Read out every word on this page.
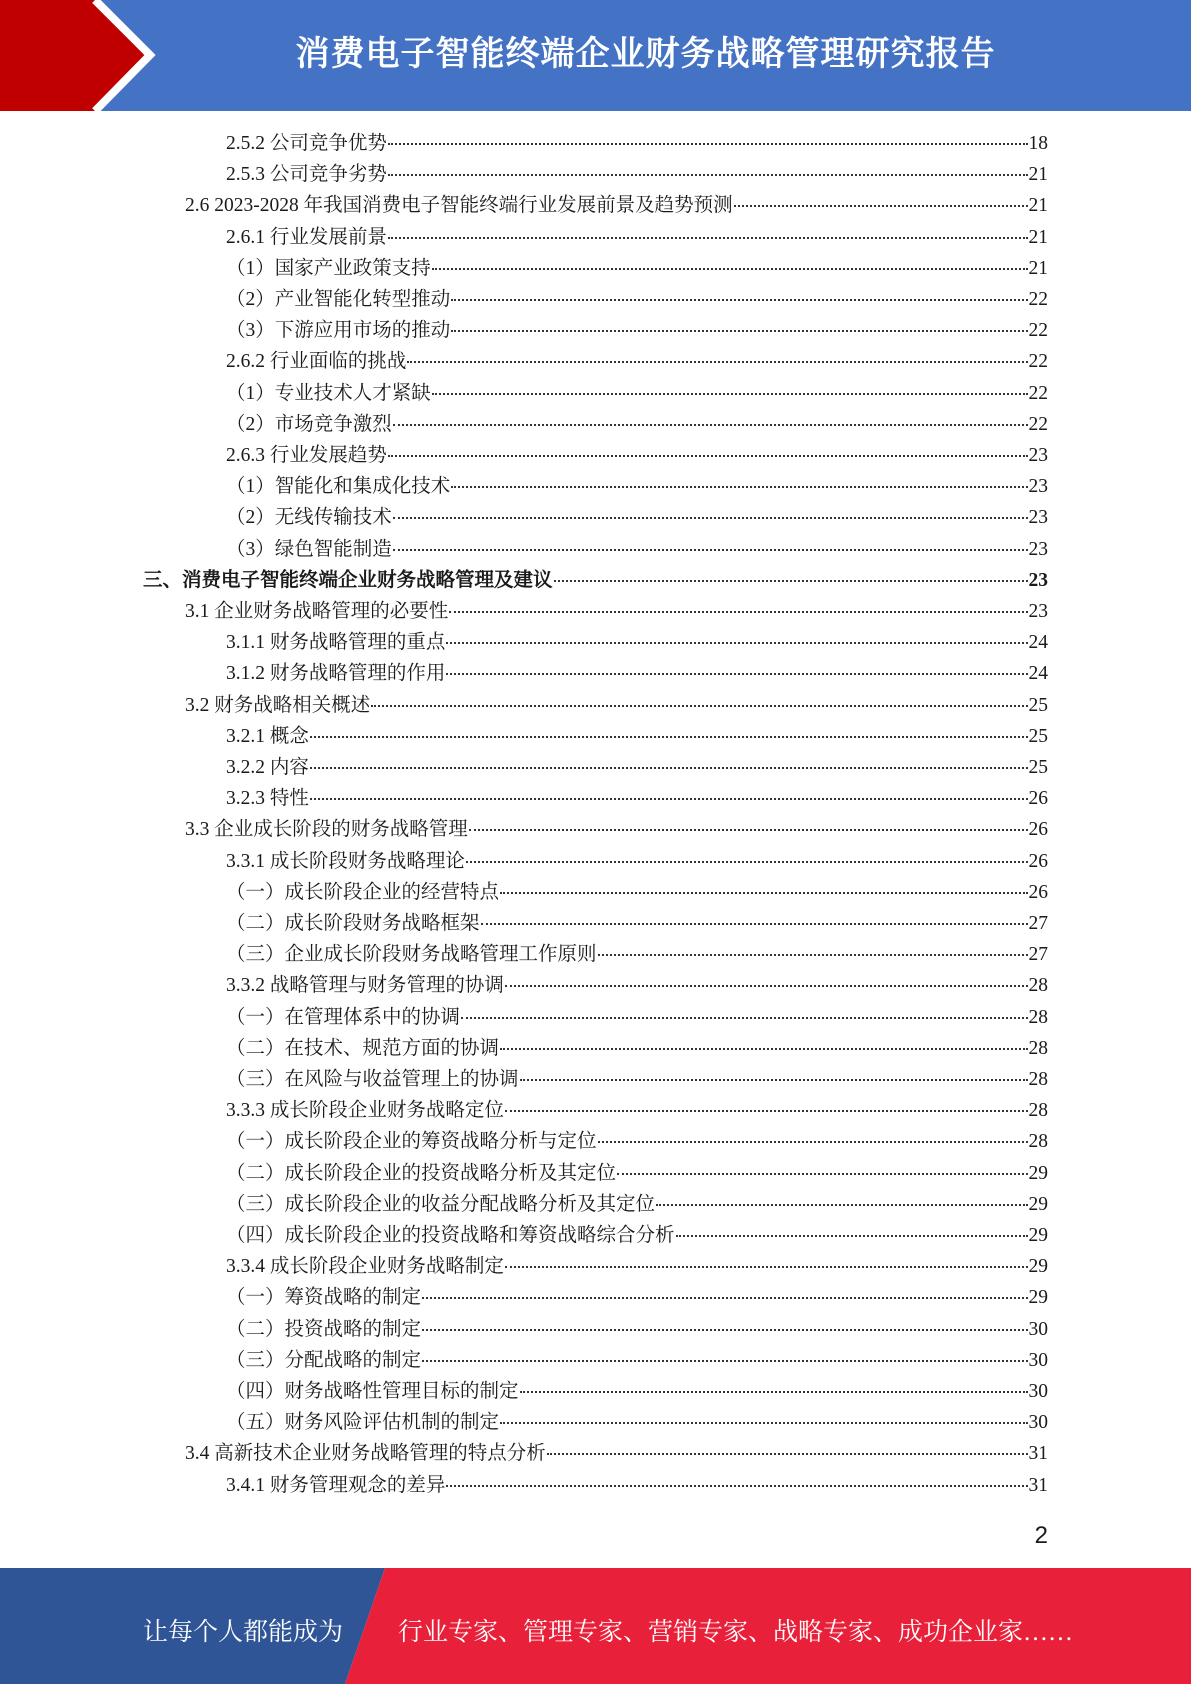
消费电子智能终端企业财务战略管理研究报告
2.5.2 公司竞争优势	18
2.5.3 公司竞争劣势	21
2.6 2023-2028 年我国消费电子智能终端行业发展前景及趋势预测	21
2.6.1 行业发展前景	21
（1）国家产业政策支持	21
（2）产业智能化转型推动	22
（3）下游应用市场的推动	22
2.6.2 行业面临的挑战	22
（1）专业技术人才紧缺	22
（2）市场竞争激烈	22
2.6.3 行业发展趋势	23
（1）智能化和集成化技术	23
（2）无线传输技术	23
（3）绿色智能制造	23
三、消费电子智能终端企业财务战略管理及建议	23
3.1 企业财务战略管理的必要性	23
3.1.1 财务战略管理的重点	24
3.1.2 财务战略管理的作用	24
3.2 财务战略相关概述	25
3.2.1 概念	25
3.2.2 内容	25
3.2.3 特性	26
3.3 企业成长阶段的财务战略管理	26
3.3.1 成长阶段财务战略理论	26
（一）成长阶段企业的经营特点	26
（二）成长阶段财务战略框架	27
（三）企业成长阶段财务战略管理工作原则	27
3.3.2 战略管理与财务管理的协调	28
（一）在管理体系中的协调	28
（二）在技术、规范方面的协调	28
（三）在风险与收益管理上的协调	28
3.3.3 成长阶段企业财务战略定位	28
（一）成长阶段企业的筹资战略分析与定位	28
（二）成长阶段企业的投资战略分析及其定位	29
（三）成长阶段企业的收益分配战略分析及其定位	29
（四）成长阶段企业的投资战略和筹资战略综合分析	29
3.3.4 成长阶段企业财务战略制定	29
（一）筹资战略的制定	29
（二）投资战略的制定	30
（三）分配战略的制定	30
（四）财务战略性管理目标的制定	30
（五）财务风险评估机制的制定	30
3.4 高新技术企业财务战略管理的特点分析	31
3.4.1 财务管理观念的差异	31
2
让每个人都能成为 行业专家、管理专家、营销专家、战略专家、成功企业家……
